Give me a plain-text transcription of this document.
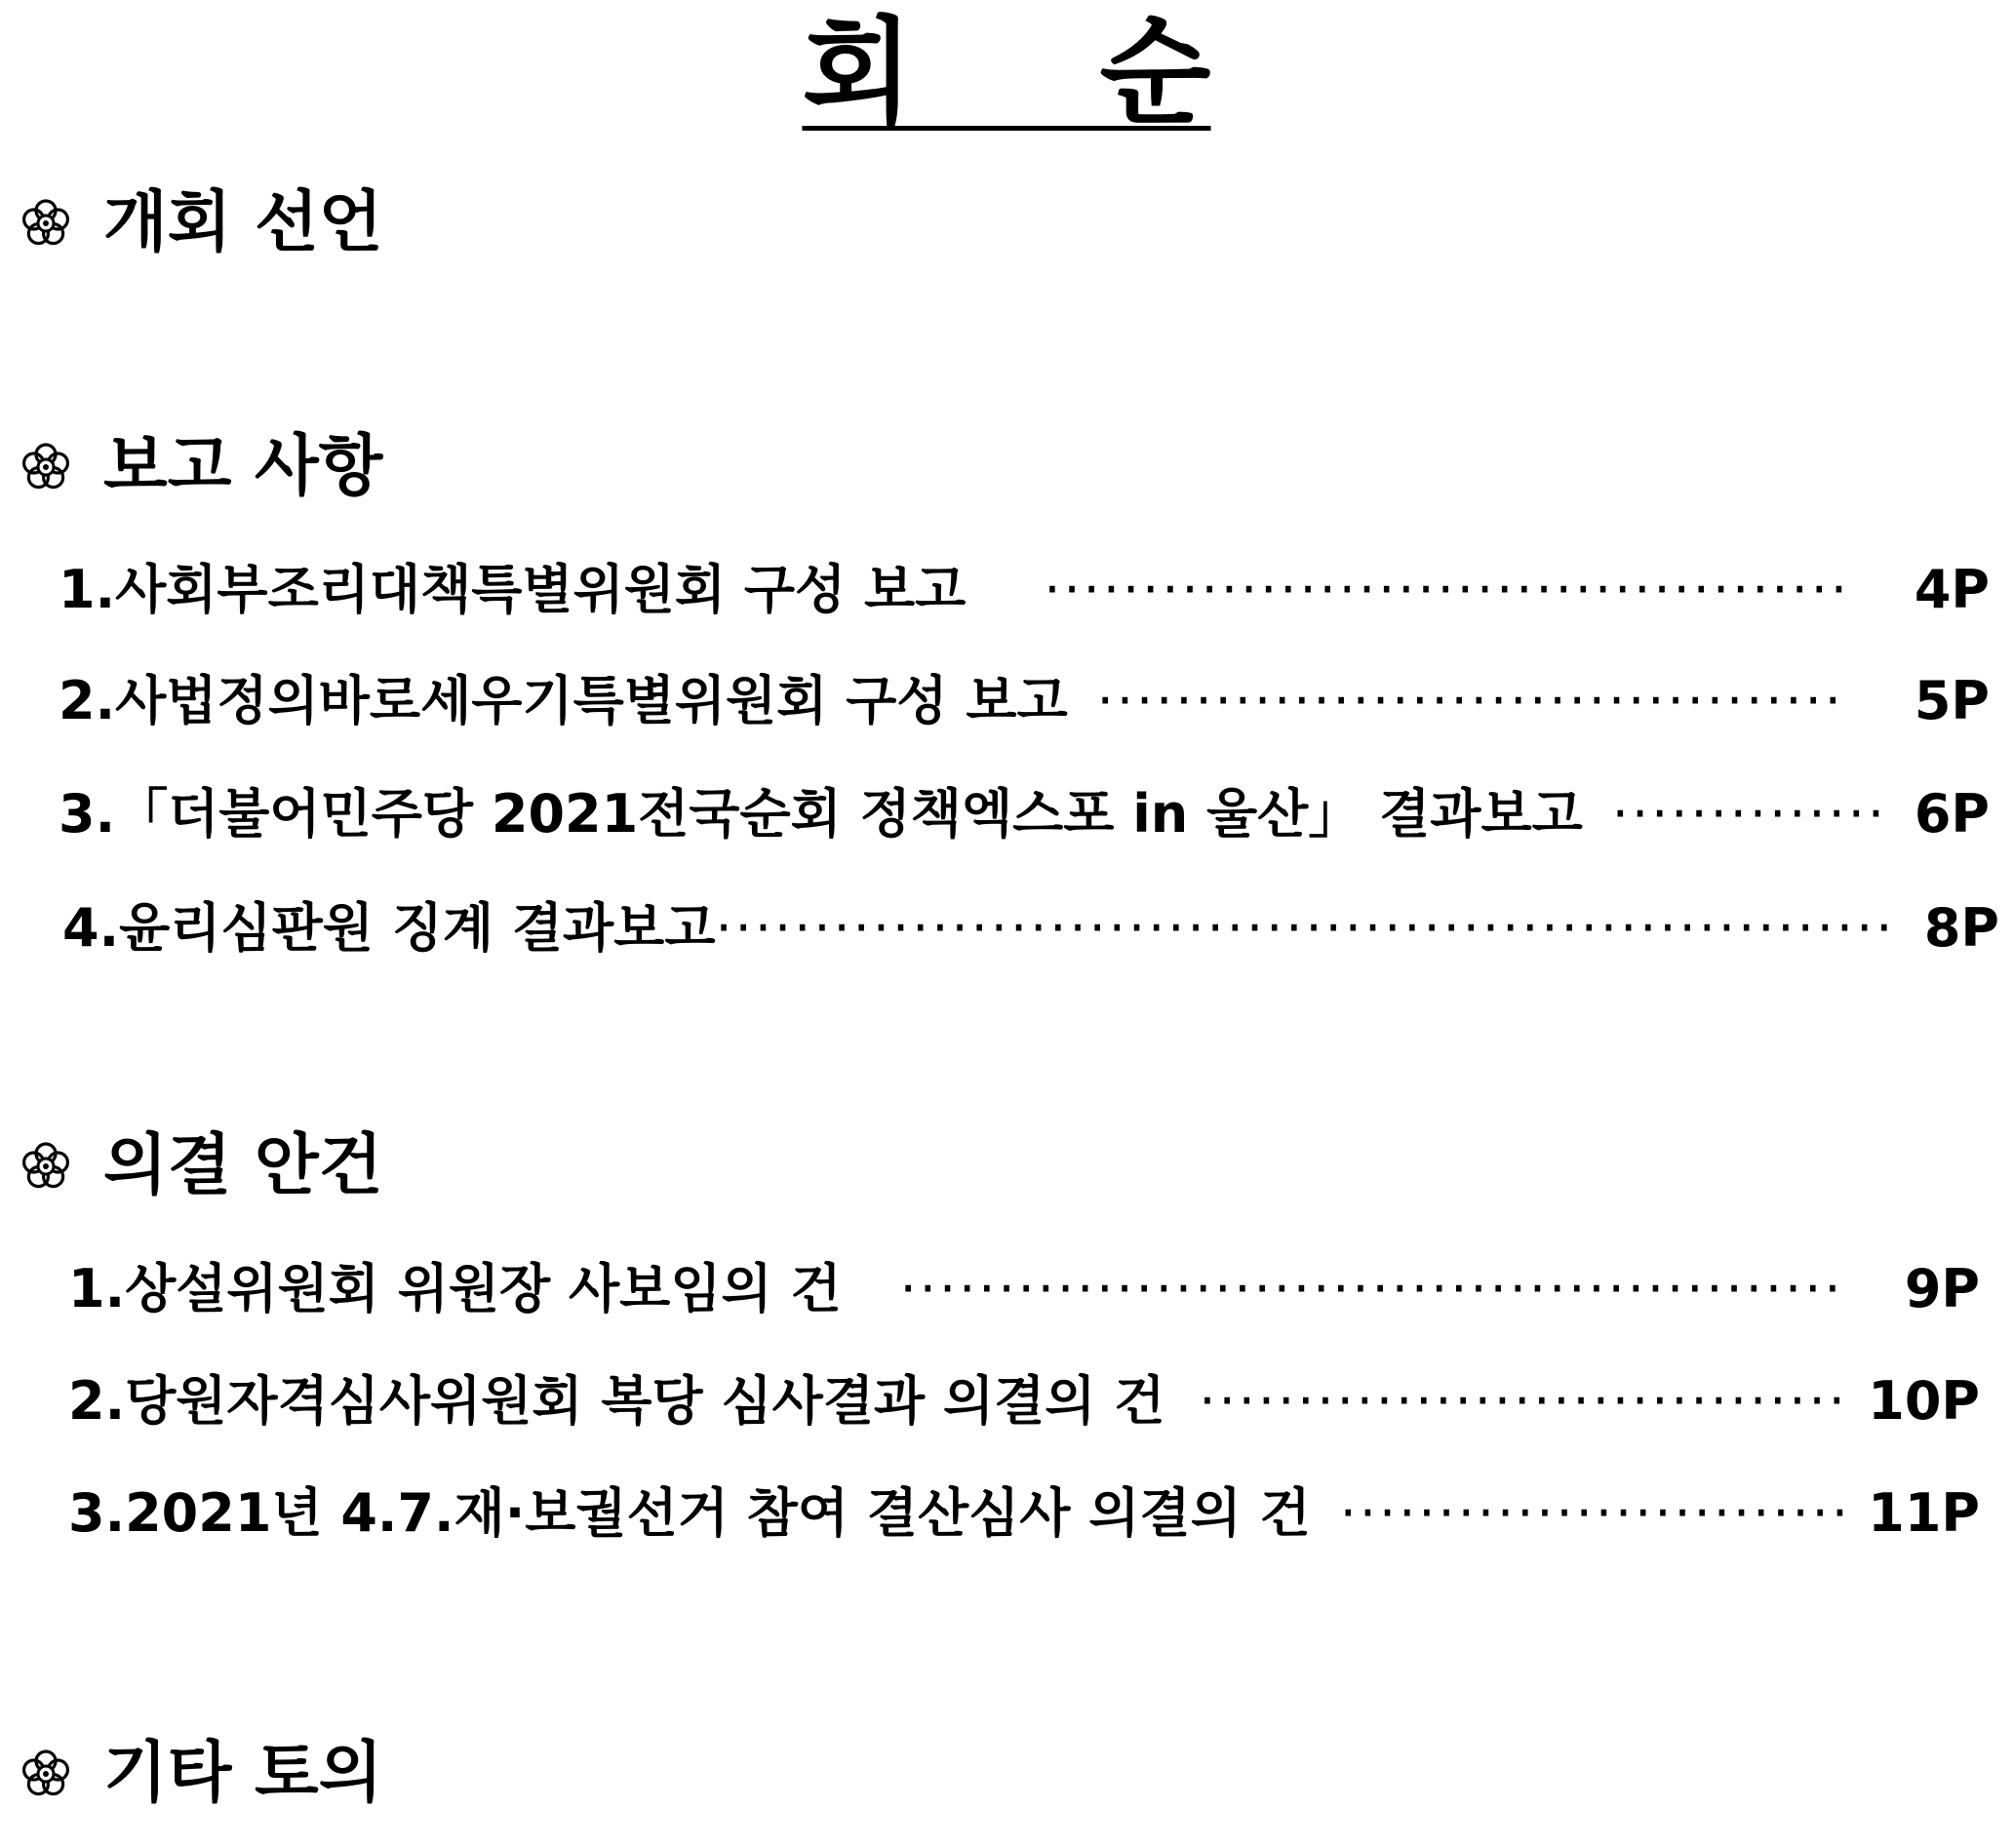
회 순
개회 선언
보고 사항
1. 사회부조리대책특별위원회 구성 보고 ·····	4P
2. 사법정의바로세우기특별위원회 구성 보고 ·····	5P
3. 「더불어민주당 2021전국순회 정책엑스포 in 울산」 결과보고 ·····	6P
4. 윤리심판원 징계 결과보고 ·····	8P
의결 안건
1. 상설위원회 위원장 사보임의 건 ·····	9P
2. 당원자격심사위원회 복당 심사결과 의결의 건 ·····	10P
3. 2021년 4.7.재·보궐선거 참여 결산심사 의결의 건 ·····	11P
기타 토의
